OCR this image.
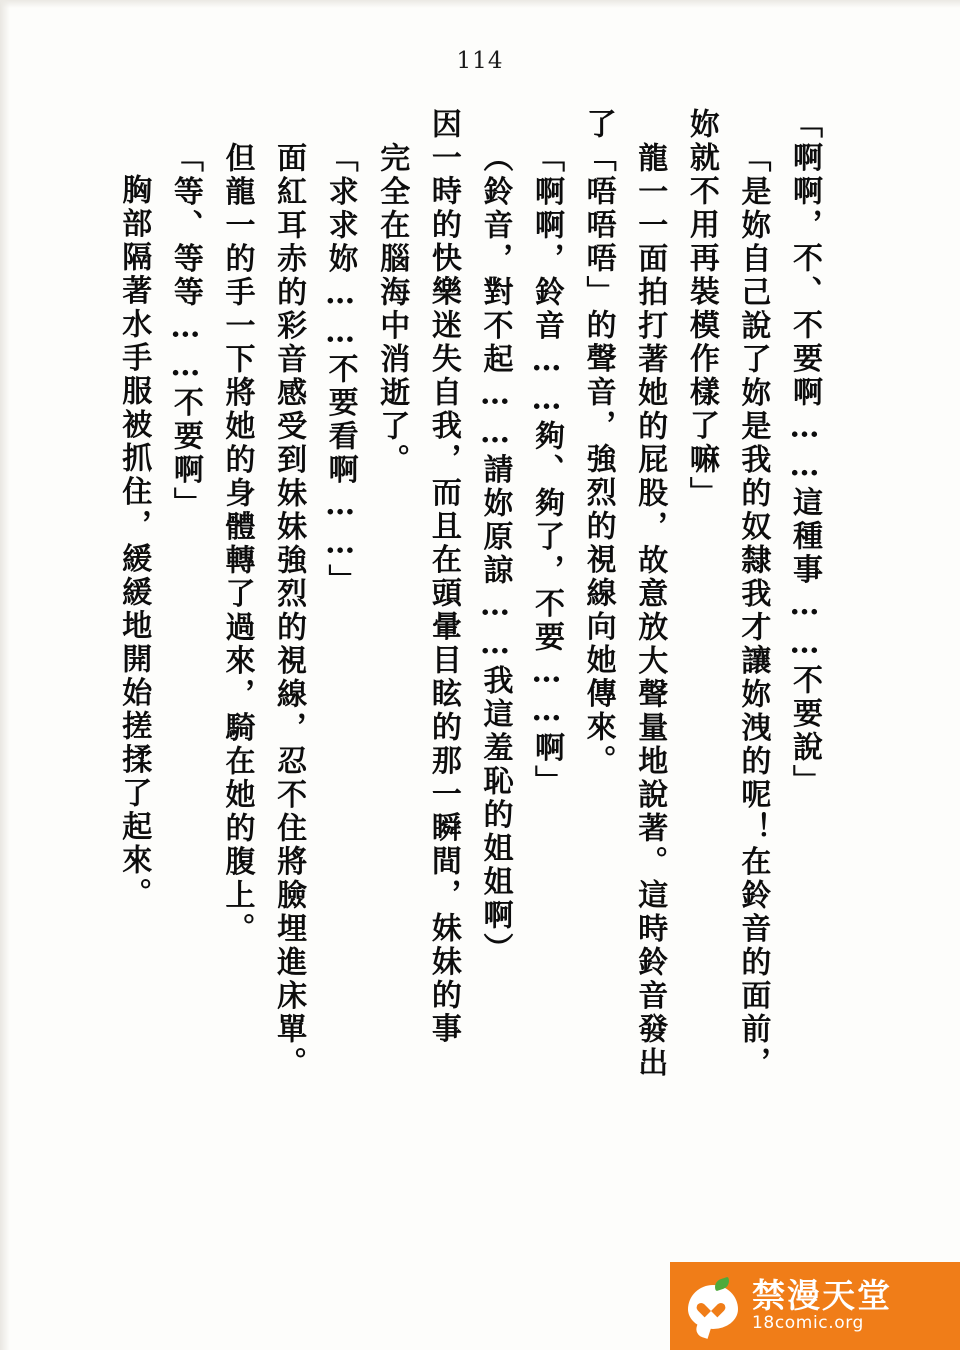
114
「啊啊，不、不要啊……這種事……不要說」
「是妳自己說了妳是我的奴隸我才讓妳洩的呢！在鈴音的面前，
妳就不用再裝模作樣了嘛」
龍一一面拍打著她的屁股，故意放大聲量地說著。這時鈴音發出
了「唔唔唔」的聲音，強烈的視線向她傳來。
「啊啊，鈴音……夠、夠了，不要……啊」
（鈴音，對不起……請妳原諒……我這羞恥的姐姐啊）
因一時的快樂迷失自我，而且在頭暈目眩的那一瞬間，妹妹的事
完全在腦海中消逝了。
「求求妳……不要看啊……」
面紅耳赤的彩音感受到妹妹強烈的視線，忍不住將臉埋進床單。
但龍一的手一下將她的身體轉了過來，騎在她的腹上。
「等、等等……不要啊」
胸部隔著水手服被抓住，緩緩地開始搓揉了起來。
禁漫天堂
18comic.org
